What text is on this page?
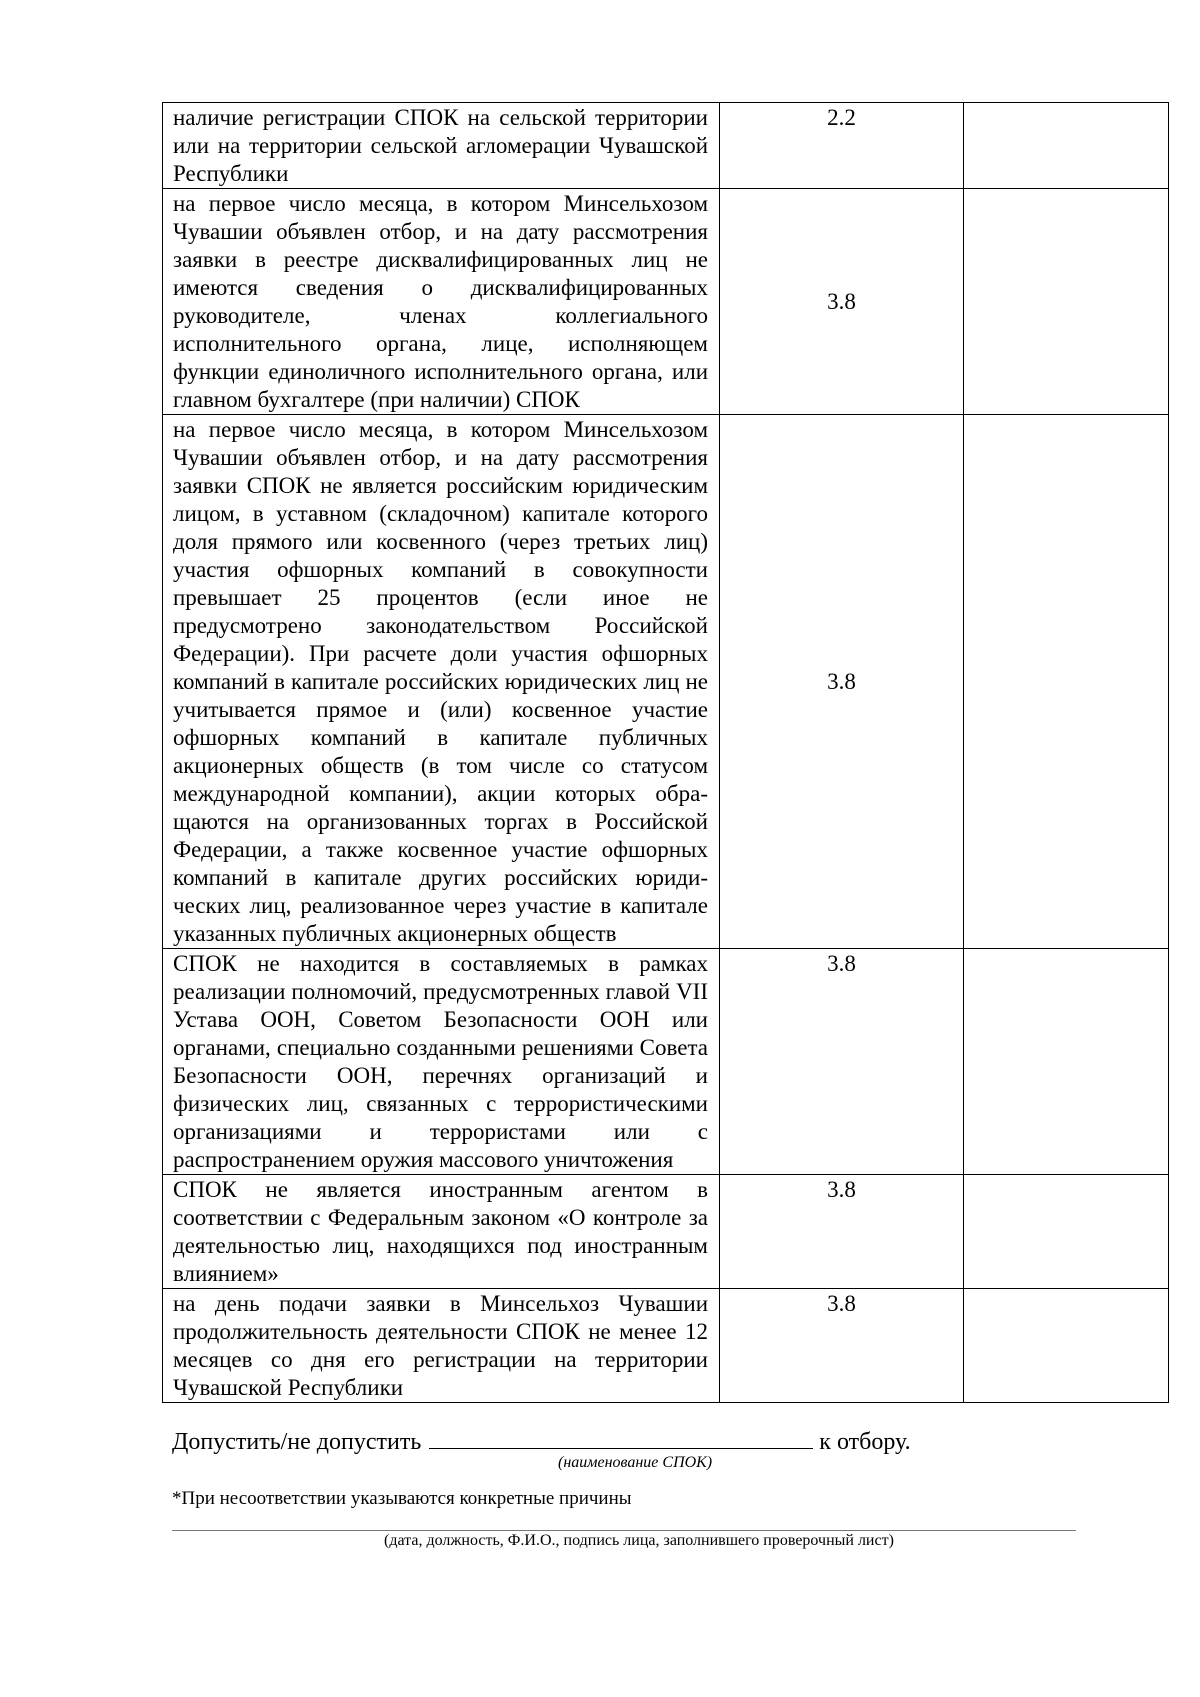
наличие регистрации СПОК на сельской территории или на территории сельской агломерации Чувашской Республики	2.2	
на первое число месяца, в котором Минсельхозом Чувашии объявлен отбор, и на дату рассмотрения заявки в реестре дисквалифицированных лиц не имеются сведения о дисквалифицированных руководителе, членах коллегиального исполнительного органа, лице, исполняющем функции единоличного исполнительного органа, или главном бухгалтере (при наличии) СПОК	3.8	
на первое число месяца, в котором Минсельхозом Чувашии объявлен отбор, и на дату рассмотрения заявки СПОК не является российским юридическим лицом, в уставном (складочном) капитале которого доля прямого или косвенного (через третьих лиц) участия офшорных компаний в совокупности превышает 25 процентов (если иное не предусмотрено законодательством Российской Федерации). При расчете доли участия офшорных компаний в капитале российских юридических лиц не учитывается прямое и (или) косвенное участие офшорных компаний в капитале публичных акционерных обществ (в том числе со статусом международной компании), акции которых обращаются на организованных торгах в Российской Федерации, а также косвенное участие офшорных компаний в капитале других российских юридических лиц, реализованное через участие в капитале указанных публичных акционерных обществ	3.8	
СПОК не находится в составляемых в рамках реализации полномочий, предусмотренных главой VII Устава ООН, Советом Безопасности ООН или органами, специально созданными решениями Совета Безопасности ООН, перечнях организаций и физических лиц, связанных с террористическими организациями и террористами или с распространением оружия массового уничтожения	3.8	
СПОК не является иностранным агентом в соответствии с Федеральным законом «О контроле за деятельностью лиц, находящихся под иностранным влиянием»	3.8	
на день подачи заявки в Минсельхоз Чувашии продолжительность деятельности СПОК не менее 12 месяцев со дня его регистрации на территории Чувашской Республики	3.8	
Допустить/не допустить	к отбору.
(наименование СПОК)
*При несоответствии указываются конкретные причины
(дата, должность, Ф.И.О., подпись лица, заполнившего проверочный лист)
